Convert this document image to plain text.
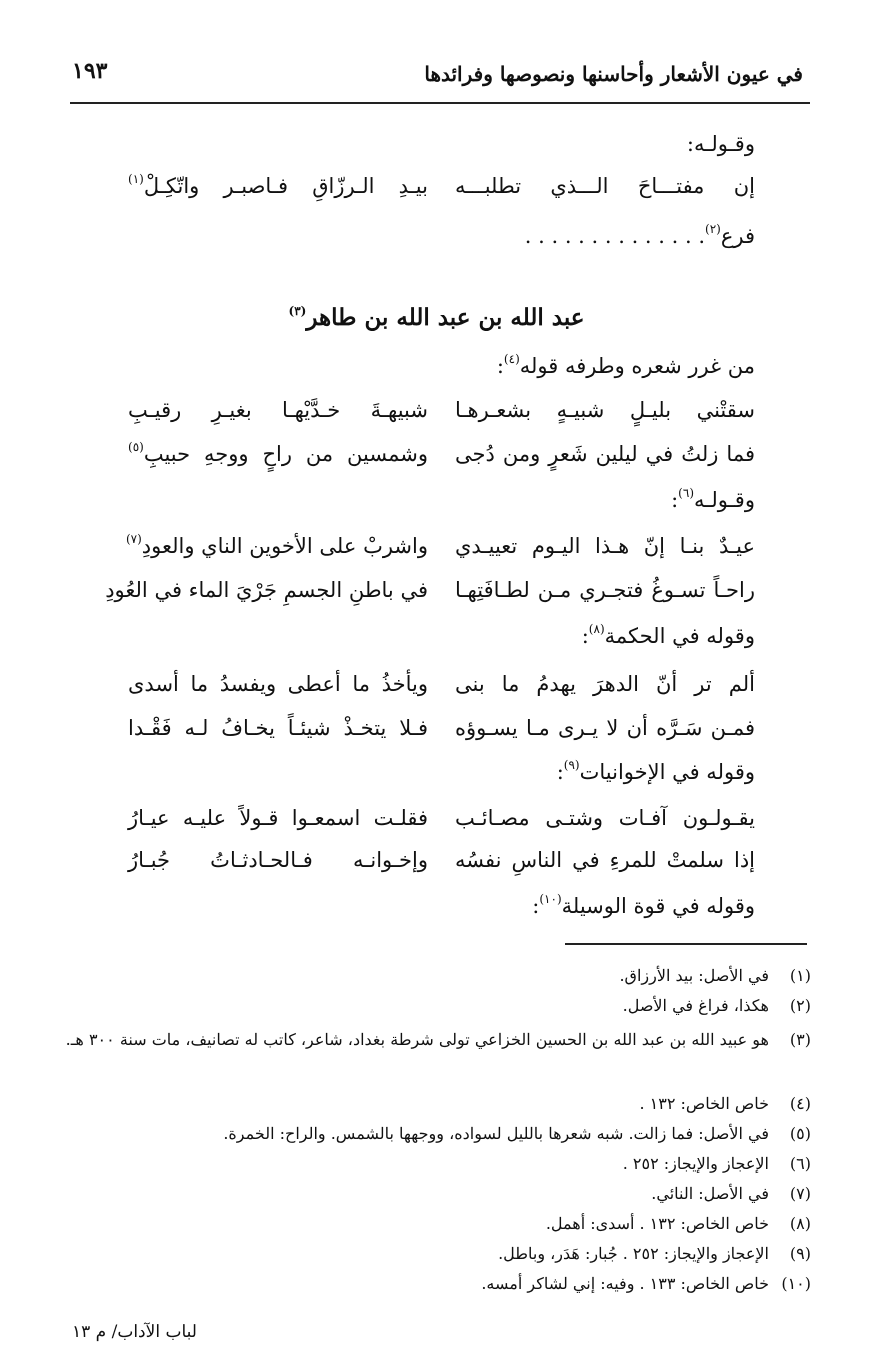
في عيون الأشعار وأحاسنها ونصوصها وفرائدها
١٩٣
وقـولـه:
إن مفتـــاحَ الـــذي تطلبـــه
بيـدِ الـرزّاقِ فـاصبـر واتّكِـلْ$^{(١)}$
فرع$^{(٢)}$. . . . . . . . . . . . . .
عبد الله بن عبد الله بن طاهر$^{(٣)}$
من غرر شعره وطرفه قوله$^{(٤)}$:
سقتْني بليـلٍ شبيـهٍ بشعـرهـا
شبيهـةَ خـدَّيْهـا بغيـرِ رقيـبِ
فما زلتُ في ليلين شَعرٍ ومن دُجى
وشمسين من راحٍ ووجهِ حبيبِ$^{(٥)}$
وقـولـه$^{(٦)}$:
عيـدٌ بنـا إنّ هـذا اليـوم تعييـدي
واشربْ على الأخوين الناي والعودِ$^{(٧)}$
راحـاً تسـوغُ فتجـري مـن لطـافَتِهـا
في باطنِ الجسمِ جَرْيَ الماء في العُودِ
وقوله في الحكمة$^{(٨)}$:
ألم تر أنّ الدهرَ يهدمُ ما بنى
ويأخذُ ما أعطى ويفسدُ ما أسدى
فمـن سَـرَّه أن لا يـرى مـا يسـوؤه
فـلا يتخـذْ شيئـاً يخـافُ لـه فَقْـدا
وقوله في الإخوانيات$^{(٩)}$:
يقـولـون آفـات وشتـى مصـائـب
فقلـت اسمعـوا قـولاً عليـه عيـارُ
إذا سلمتْ للمرءِ في الناسِ نفسُه
وإخـوانـه فـالحـادثـاتُ جُبـارُ
وقوله في قوة الوسيلة$^{(١٠)}$:
(١)في الأصل: بيد الأرزاق.
(٢)هكذا، فراغ في الأصل.
(٣)هو عبيد الله بن عبد الله بن الحسين الخزاعي تولى شرطة بغداد، شاعر، كاتب له تصانيف، مات سنة ٣٠٠ هـ.
(٤)خاص الخاص: ١٣٢ .
(٥)في الأصل: فما زالت. شبه شعرها بالليل لسواده، ووجهها بالشمس. والراح: الخمرة.
(٦)الإعجاز والإيجاز: ٢٥٢ .
(٧)في الأصل: النائي.
(٨)خاص الخاص: ١٣٢ . أسدى: أهمل.
(٩)الإعجاز والإيجاز: ٢٥٢ . جُبار: هَدَر، وباطل.
(١٠)خاص الخاص: ١٣٣ . وفيه: إني لشاكر أمسه.
لباب الآداب/ م ١٣
